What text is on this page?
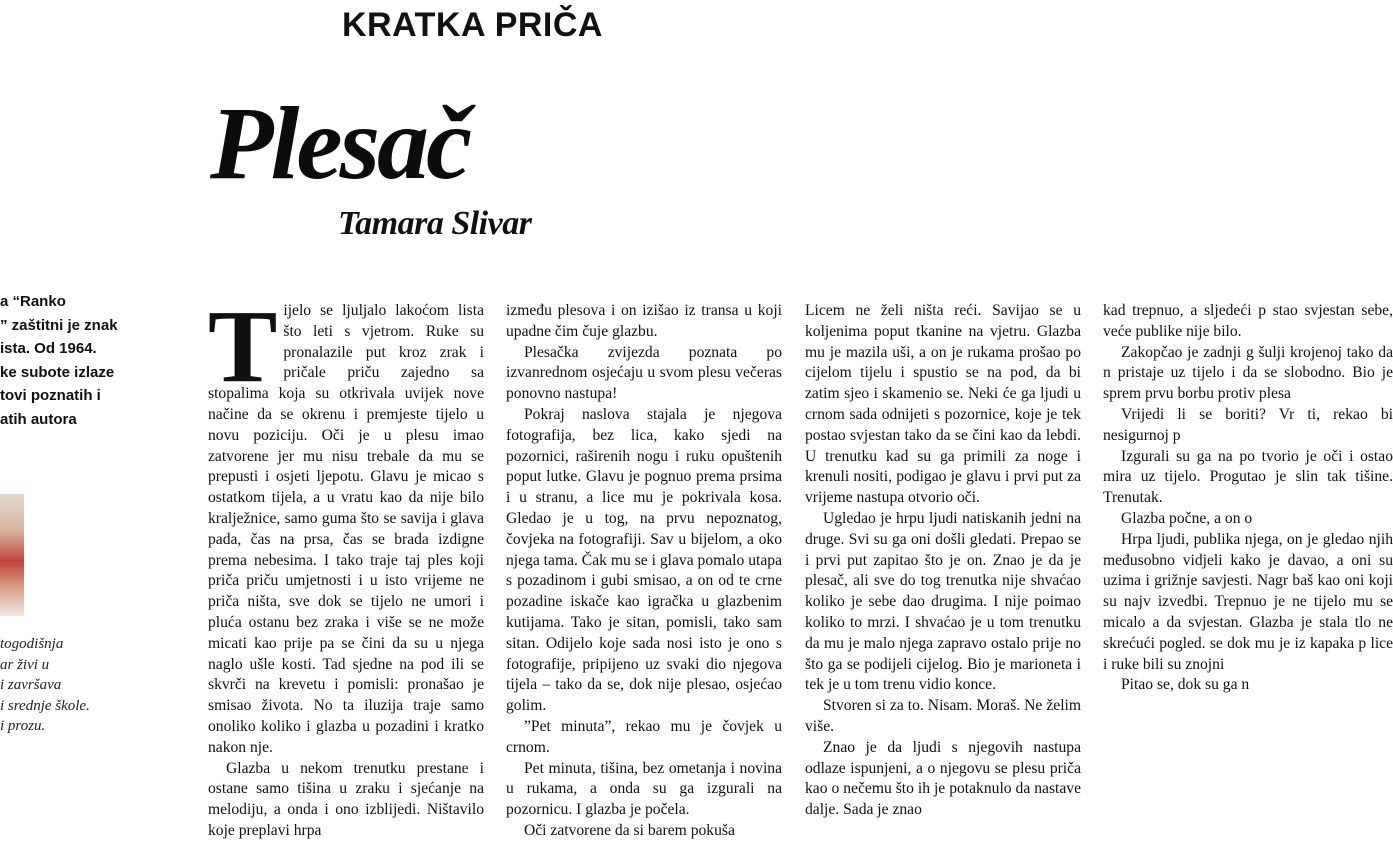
KRATKA PRIČA
Plesač
Tamara Slivar
a “Ranko
” zaštitni je znak
ista. Od 1964.
ke subote izlaze
tovi poznatih i
atih autora
togodišnja
ar živi u
i završava
i srednje škole.
i prozu.

Tijelo se ljuljalo lakoćom lista što leti s vjetrom. Ruke su pronalazile put kroz zrak i pričale priču zajedno sa stopalima koja su otkrivala uvijek nove načine da se okrenu i premjeste tijelo u novu poziciju. Oči je u plesu imao zatvorene jer mu nisu trebale da mu se prepusti i osjeti ljepotu. Glavu je micao s ostatkom tijela, a u vratu kao da nije bilo kralježnice, samo guma što se savija i glava pada, čas na prsa, čas se brada izdigne prema nebesima. I tako traje taj ples koji priča priču umjetnosti i u isto vrijeme ne priča ništa, sve dok se tijelo ne umori i pluća ostanu bez zraka i više se ne može micati kao prije pa se čini da su u njega naglo ušle kosti. Tad sjedne na pod ili se skvrči na krevetu i pomisli: pronašao je smisao života. No ta iluzija traje samo onoliko koliko i glazba u pozadini i kratko nakon nje.

Glazba u nekom trenutku prestane i ostane samo tišina u zraku i sjećanje na melodiju, a onda i ono izblijedi. Ništavilo koje preplavi hrpa

između plesova i on izišao iz transa u koji upadne čim čuje glazbu.

Plesačka zvijezda poznata po izvanrednom osjećaju u svom plesu večeras ponovno nastupa!

Pokraj naslova stajala je njegova fotografija, bez lica, kako sjedi na pozornici, raširenih nogu i ruku opuštenih poput lutke. Glavu je pognuo prema prsima i u stranu, a lice mu je pokrivala kosa. Gledao je u tog, na prvu nepoznatog, čovjeka na fotografiji. Sav u bijelom, a oko njega tama. Čak mu se i glava pomalo utapa s pozadinom i gubi smisao, a on od te crne pozadine iskače kao igračka u glazbenim kutijama. Tako je sitan, pomisli, tako sam sitan. Odijelo koje sada nosi isto je ono s fotografije, pripijeno uz svaki dio njegova tijela – tako da se, dok nije plesao, osjećao golim.

”Pet minuta”, rekao mu je čovjek u crnom.

Pet minuta, tišina, bez ometanja i novina u rukama, a onda su ga izgurali na pozornicu. I glazba je počela.

Oči zatvorene da si barem pokuša

Licem ne želi ništa reći. Savijao se u koljenima poput tkanine na vjetru. Glazba mu je mazila uši, a on je rukama prošao po cijelom tijelu i spustio se na pod, da bi zatim sjeo i skamenio se. Neki će ga ljudi u crnom sada odnijeti s pozornice, koje je tek postao svjestan tako da se čini kao da lebdi. U trenutku kad su ga primili za noge i krenuli nositi, podigao je glavu i prvi put za vrijeme nastupa otvorio oči.

Ugledao je hrpu ljudi natiskanih jedni na druge. Svi su ga oni došli gledati. Prepao se i prvi put zapitao što je on. Znao je da je plesač, ali sve do tog trenutka nije shvaćao koliko je sebe dao drugima. I nije poimao koliko to mrzi. I shvaćao je u tom trenutku da mu je malo njega zapravo ostalo prije no što ga se podijeli cijelog. Bio je marioneta i tek je u tom trenu vidio konce.

Stvoren si za to. Nisam. Moraš. Ne želim više.

Znao je da ljudi s njegovih nastupa odlaze ispunjeni, a o njegovu se plesu priča kao o nečemu što ih je potaknulo da nastave dalje. Sada je znao

kad trepnuo, a sljedeći p stao svjestan sebe, veće publike nije bilo.

Zakopčao je zadnji g šulji krojenoj tako da n pristaje uz tijelo i da se slobodno. Bio je sprem prvu borbu protiv plesa

Vrijedi li se boriti? Vr ti, rekao bi nesigurnoj p

Izgurali su ga na po tvorio je oči i ostao mira uz tijelo. Progutao je slin tak tišine. Trenutak.

Glazba počne, a on o

Hrpa ljudi, publika njega, on je gledao njih međusobno vidjeli kako je davao, a oni su uzima i grižnje savjesti. Nagr baš kao oni koji su najv izvedbi. Trepnuo je ne tijelo mu se micalo a da svjestan. Glazba je stala tlo ne skrećući pogled. se dok mu je iz kapaka p lice i ruke bili su znojni

Pitao se, dok su ga n
